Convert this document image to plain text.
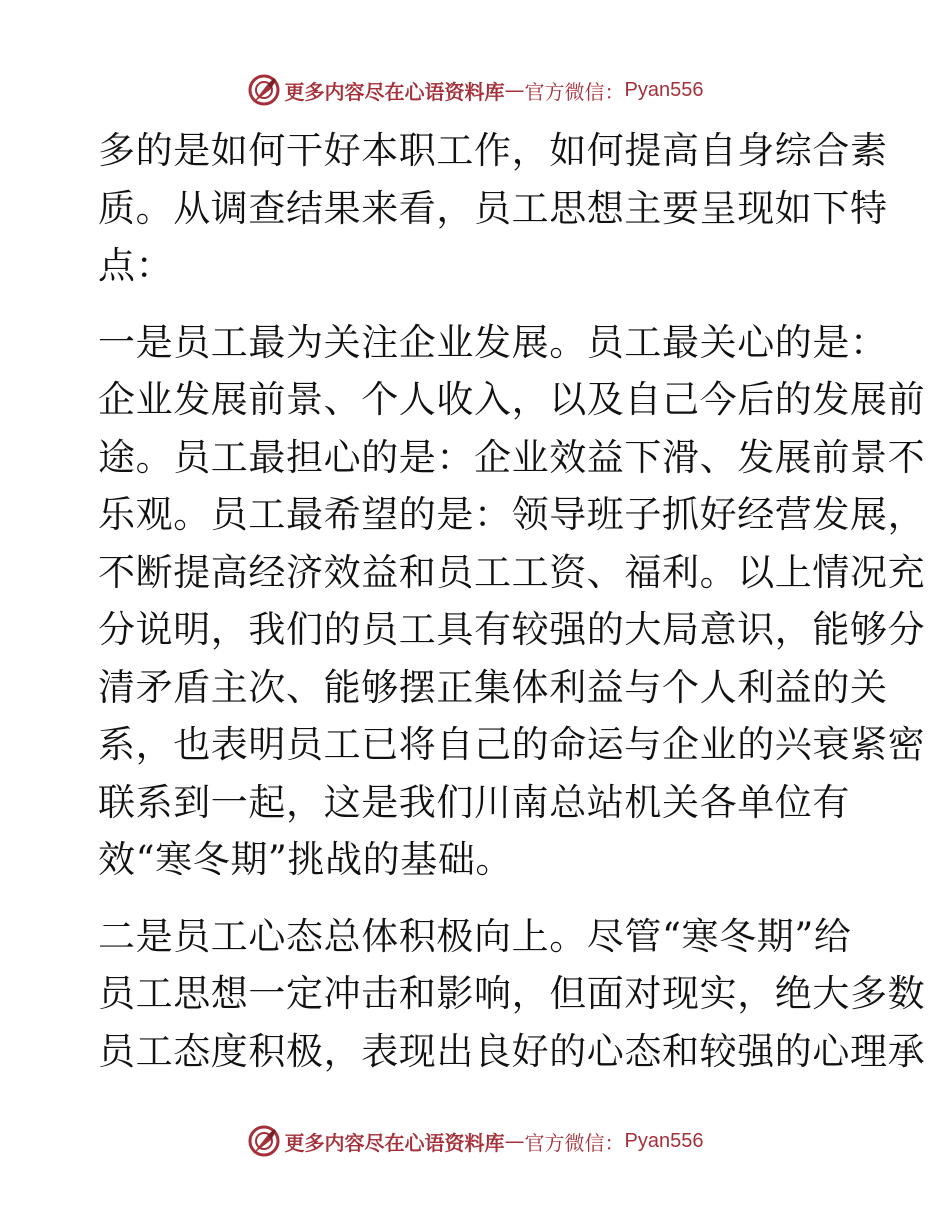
更多内容尽在心语资料库 — 官方微信： Pyan556
多的是如何干好本职工作，如何提高自身综合素
质。从调查结果来看，员工思想主要呈现如下特
点：
一是员工最为关注企业发展。员工最关心的是：
企业发展前景、个人收入，以及自己今后的发展前
途。员工最担心的是：企业效益下滑、发展前景不
乐观。员工最希望的是：领导班子抓好经营发展，
不断提高经济效益和员工工资、福利。以上情况充
分说明，我们的员工具有较强的大局意识，能够分
清矛盾主次、能够摆正集体利益与个人利益的关
系，也表明员工已将自己的命运与企业的兴衰紧密
联系到一起，这是我们川南总站机关各单位有
效“寒冬期”挑战的基础。
二是员工心态总体积极向上。尽管“寒冬期”给
员工思想一定冲击和影响，但面对现实，绝大多数
员工态度积极，表现出良好的心态和较强的心理承
更多内容尽在心语资料库 — 官方微信： Pyan556
